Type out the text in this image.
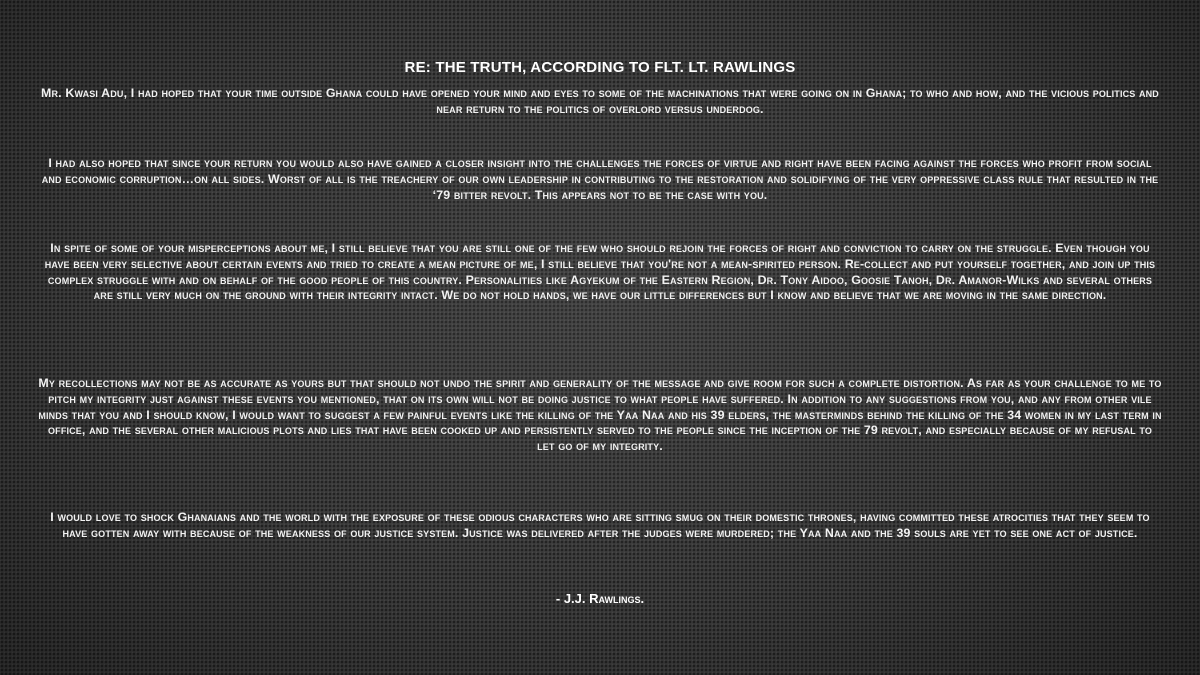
RE: THE TRUTH, ACCORDING TO FLT. LT. RAWLINGS
Mr. Kwasi Adu, I had hoped that your time outside Ghana could have opened your mind and eyes to some of the machinations that were going on in Ghana; to who and how, and the vicious politics and near return to the politics of overlord versus underdog.
I had also hoped that since your return you would also have gained a closer insight into the challenges the forces of virtue and right have been facing against the forces who profit from social and economic corruption…on all sides. Worst of all is the treachery of our own leadership in contributing to the restoration and solidifying of the very oppressive class rule that resulted in the ‘79 bitter revolt. This appears not to be the case with you.
In spite of some of your misperceptions about me, I still believe that you are still one of the few who should rejoin the forces of right and conviction to carry on the struggle. Even though you have been very selective about certain events and tried to create a mean picture of me, I still believe that you're not a mean-spirited person. Re-collect and put yourself together, and join up this complex struggle with and on behalf of the good people of this country. Personalities like Agyekum of the Eastern Region, Dr. Tony Aidoo, Goosie Tanoh, Dr. Amanor-Wilks and several others are still very much on the ground with their integrity intact. We do not hold hands, we have our little differences but I know and believe that we are moving in the same direction.
My recollections may not be as accurate as yours but that should not undo the spirit and generality of the message and give room for such a complete distortion. As far as your challenge to me to pitch my integrity just against these events you mentioned, that on its own will not be doing justice to what people have suffered. In addition to any suggestions from you, and any from other vile minds that you and I should know, I would want to suggest a few painful events like the killing of the Yaa Naa and his 39 elders, the masterminds behind the killing of the 34 women in my last term in office, and the several other malicious plots and lies that have been cooked up and persistently served to the people since the inception of the 79 revolt, and especially because of my refusal to let go of my integrity.
I would love to shock Ghanaians and the world with the exposure of these odious characters who are sitting smug on their domestic thrones, having committed these atrocities that they seem to have gotten away with because of the weakness of our justice system. Justice was delivered after the judges were murdered; the Yaa Naa and the 39 souls are yet to see one act of justice.
- J.J. Rawlings.
